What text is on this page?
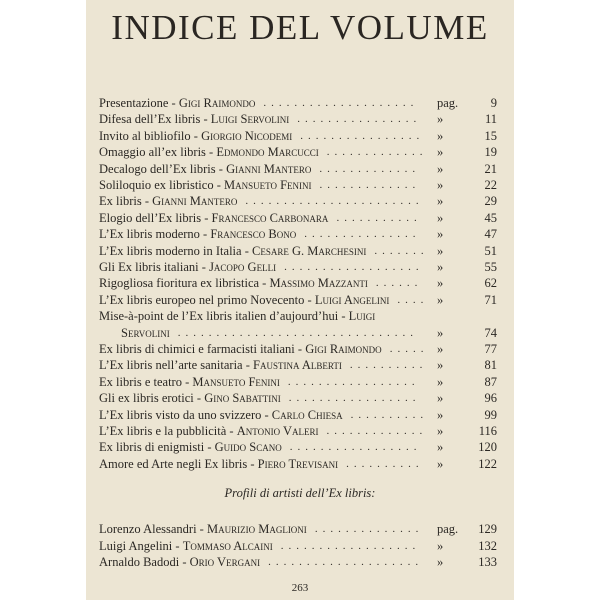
INDICE DEL VOLUME
Presentazione - Gigi Raimondo ....................	pag.	9
Difesa dell’Ex libris - Luigi Servolini ................	»	11
Invito al bibliofilo - Giorgio Nicodemi ................	»	15
Omaggio all’ex libris - Edmondo Marcucci ............. »	19
Decalogo dell’Ex libris - Gianni Mantero .............	»	21
Soliloquio ex libristico - Mansueto Fenini .............	»	22
Ex libris - Gianni Mantero .......................	»	29
Elogio dell’Ex libris - Francesco Carbonara ...........	»	45
L’Ex libris moderno - Francesco Bono ...............	»	47
L’Ex libris moderno in Italia - Cesare G. Marchesini ....... »	51
Gli Ex libris italiani - Jacopo Gelli ..................	»	55
Rigogliosa fioritura ex libristica - Massimo Mazzanti ......	»	62
L’Ex libris europeo nel primo Novecento - Luigi Angelini .... »	71
Mise-à-point de l’Ex libris italien d’aujourd’hui - Luigi
Servolini ...............................	»	74
Ex libris di chimici e farmacisti italiani - Gigi Raimondo ..... »	77
L’Ex libris nell’arte sanitaria - Faustina Alberti .......... »	81
Ex libris e teatro - Mansueto Fenini .................	»	87
Gli ex libris erotici - Gino Sabattini .................	»	96
L’Ex libris visto da uno svizzero - Carlo Chiesa .......... »	99
L’Ex libris e la pubblicità - Antonio Valeri ............. »	116
Ex libris di enigmisti - Guido Scano .................	»	120
Amore ed Arte negli Ex libris - Piero Trevisani ..........	»	122
Profili di artisti dell’Ex libris:
Lorenzo Alessandri - Maurizio Maglioni ..............	pag. 129
Luigi Angelini - Tommaso Alcaini ..................	»	132
Arnaldo Badodi - Orio Vergani ....................	»	133
263
